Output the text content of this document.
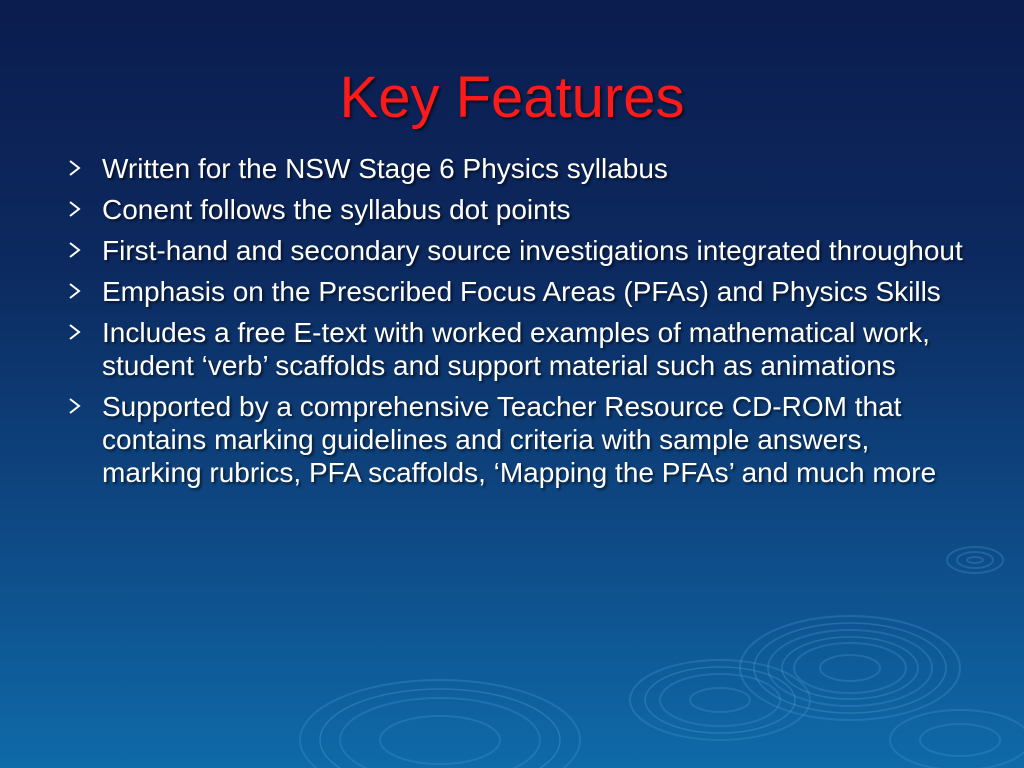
Key Features
Written for the NSW Stage 6 Physics syllabus
Conent follows the syllabus dot points
First-hand and secondary source investigations integrated throughout
Emphasis on the Prescribed Focus Areas (PFAs) and Physics Skills
Includes a free E-text with worked examples of mathematical work, student ‘verb’ scaffolds and support material such as animations
Supported by a comprehensive Teacher Resource CD-ROM that contains marking guidelines and criteria with sample answers, marking rubrics, PFA scaffolds, ‘Mapping the PFAs’ and much more
